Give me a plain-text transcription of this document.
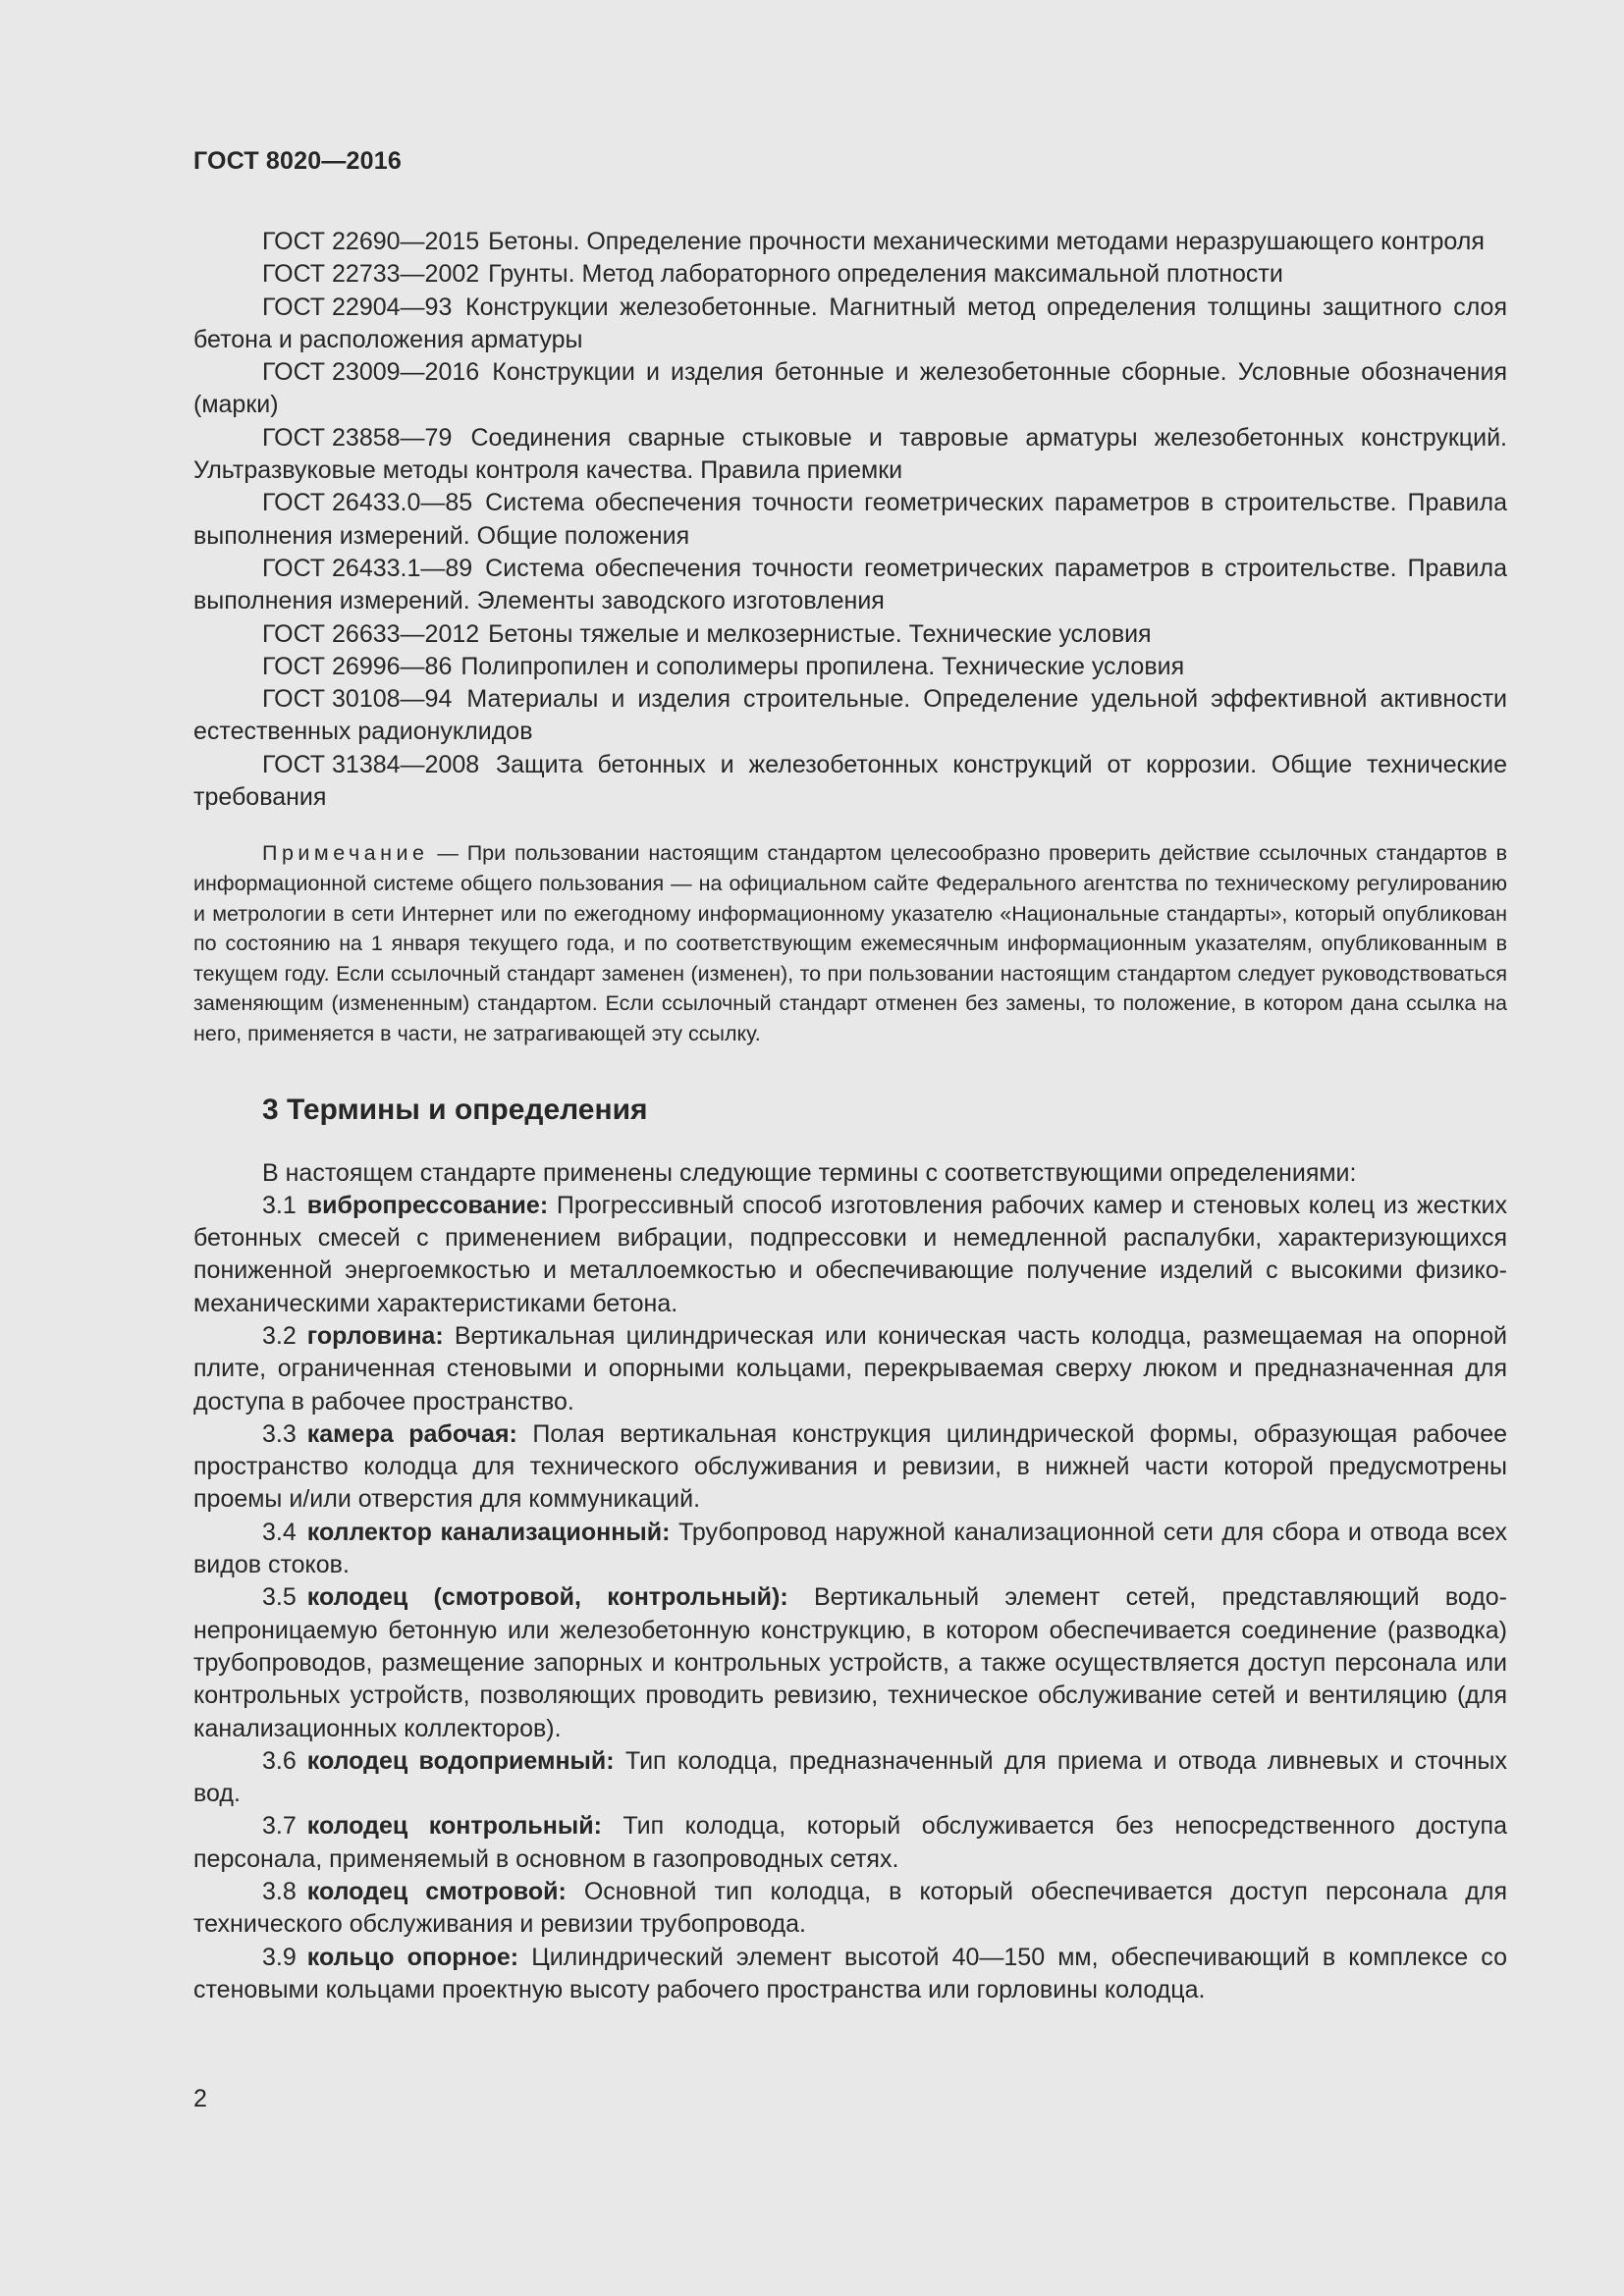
ГОСТ 8020—2016

ГОСТ 22690—2015 Бетоны. Определение прочности механическими методами неразрушающего контроля

ГОСТ 22733—2002 Грунты. Метод лабораторного определения максимальной плотности

ГОСТ 22904—93 Конструкции железобетонные. Магнитный метод определения толщины защитного слоя бетона и расположения арматуры

ГОСТ 23009—2016 Конструкции и изделия бетонные и железобетонные сборные. Условные обозначения (марки)

ГОСТ 23858—79 Соединения сварные стыковые и тавровые арматуры железобетонных конструкций. Ультразвуковые методы контроля качества. Правила приемки

ГОСТ 26433.0—85 Система обеспечения точности геометрических параметров в строительстве. Правила выполнения измерений. Общие положения

ГОСТ 26433.1—89 Система обеспечения точности геометрических параметров в строительстве. Правила выполнения измерений. Элементы заводского изготовления

ГОСТ 26633—2012 Бетоны тяжелые и мелкозернистые. Технические условия

ГОСТ 26996—86 Полипропилен и сополимеры пропилена. Технические условия

ГОСТ 30108—94 Материалы и изделия строительные. Определение удельной эффективной активности естественных радионуклидов

ГОСТ 31384—2008 Защита бетонных и железобетонных конструкций от коррозии. Общие технические требования

Примечание — При пользовании настоящим стандартом целесообразно проверить действие ссылочных стандартов в информационной системе общего пользования — на официальном сайте Федерального агентства по техническому регулированию и метрологии в сети Интернет или по ежегодному информационному указателю «Национальные стандарты», который опубликован по состоянию на 1 января текущего года, и по соответствующим ежемесячным информационным указателям, опубликованным в текущем году. Если ссылочный стандарт заменен (изменен), то при пользовании настоящим стандартом следует руководствоваться заменяющим (измененным) стандартом. Если ссылочный стандарт отменен без замены, то положение, в котором дана ссылка на него, применяется в части, не затрагивающей эту ссылку.

3 Термины и определения

В настоящем стандарте применены следующие термины с соответствующими определениями:

3.1 вибропрессование: Прогрессивный способ изготовления рабочих камер и стеновых колец из жестких бетонных смесей с применением вибрации, подпрессовки и немедленной распалубки, характеризующихся пониженной энергоемкостью и металлоемкостью и обеспечивающие получение изделий с высокими физико-механическими характеристиками бетона.

3.2 горловина: Вертикальная цилиндрическая или коническая часть колодца, размещаемая на опорной плите, ограниченная стеновыми и опорными кольцами, перекрываемая сверху люком и предназначенная для доступа в рабочее пространство.

3.3 камера рабочая: Полая вертикальная конструкция цилиндрической формы, образующая рабочее пространство колодца для технического обслуживания и ревизии, в нижней части которой предусмотрены проемы и/или отверстия для коммуникаций.

3.4 коллектор канализационный: Трубопровод наружной канализационной сети для сбора и отвода всех видов стоков.

3.5 колодец (смотровой, контрольный): Вертикальный элемент сетей, представляющий водонепроницаемую бетонную или железобетонную конструкцию, в котором обеспечивается соединение (разводка) трубопроводов, размещение запорных и контрольных устройств, а также осуществляется доступ персонала или контрольных устройств, позволяющих проводить ревизию, техническое обслуживание сетей и вентиляцию (для канализационных коллекторов).

3.6 колодец водоприемный: Тип колодца, предназначенный для приема и отвода ливневых и сточных вод.

3.7 колодец контрольный: Тип колодца, который обслуживается без непосредственного доступа персонала, применяемый в основном в газопроводных сетях.

3.8 колодец смотровой: Основной тип колодца, в который обеспечивается доступ персонала для технического обслуживания и ревизии трубопровода.

3.9 кольцо опорное: Цилиндрический элемент высотой 40—150 мм, обеспечивающий в комплексе со стеновыми кольцами проектную высоту рабочего пространства или горловины колодца.

2
